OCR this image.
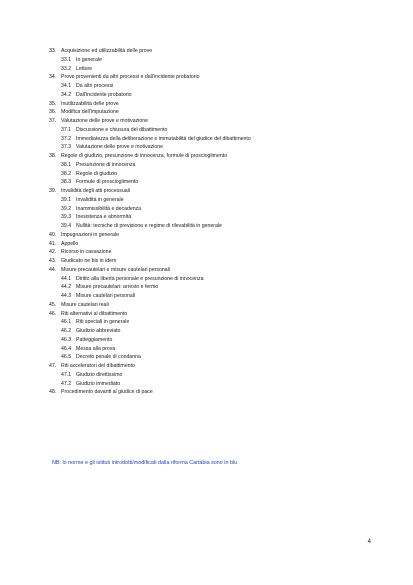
33. Acquisizione ed utilizzabilità delle prove
33.1 In generale
33.2 Letture
34. Prove provenienti da altri processi e dall'incidente probatorio
34.1 Da altri processi
34.2 Dall'incidente probatorio
35. Inutilizzabilità delle prove
36. Modifica dell'imputazione
37. Valutazione delle prove e motivazione
37.1 Discussione e chiusura del dibattimento
37.2 Immediatezza della deliberazione e immutabilità del giudice del dibattimento
37.3 Valutazione delle prove e motivazione
38. Regole di giudizio, presunzione di innocenza, formule di proscioglimento
38.1 Presunzione di innocenza
38.2 Regole di giudizio
38.3 Formule di proscioglimento
39. Invalidità degli atti processuali
39.1 Invalidità in generale
39.2 Inammissibilità e decadenza
39.3 Inesistenza e abnormità
39.4 Nullità: tecniche di previsione e regime di rilevabilità in generale
40. Impugnazioni in generale
41. Appello
42. Ricorso in cassazione
43. Giudicato ne bis in idem
44. Misure precautelari e misure cautelari personali
44.1 Diritto alla libertà personale e presunzione di innocenza
44.2 Misure precautelari: arresto e fermo
44.3 Misure cautelari personali
45. Misure cautelari reali
46. Riti alternativi al dibattimento
46.1 Riti speciali in generale
46.2 Giudizio abbreviato
46.3 Patteggiamento
46.4 Messa alla prova
46.5 Decreto penale di condanna
47. Riti acceleratori del dibattimento
47.1 Giudizio direttissimo
47.2 Giudizio immediato
48. Procedimento davanti al giudice di pace
NB: lo norme e gli istituti introdotti/modificati dalla riforma Cartabia sono in blu
4
